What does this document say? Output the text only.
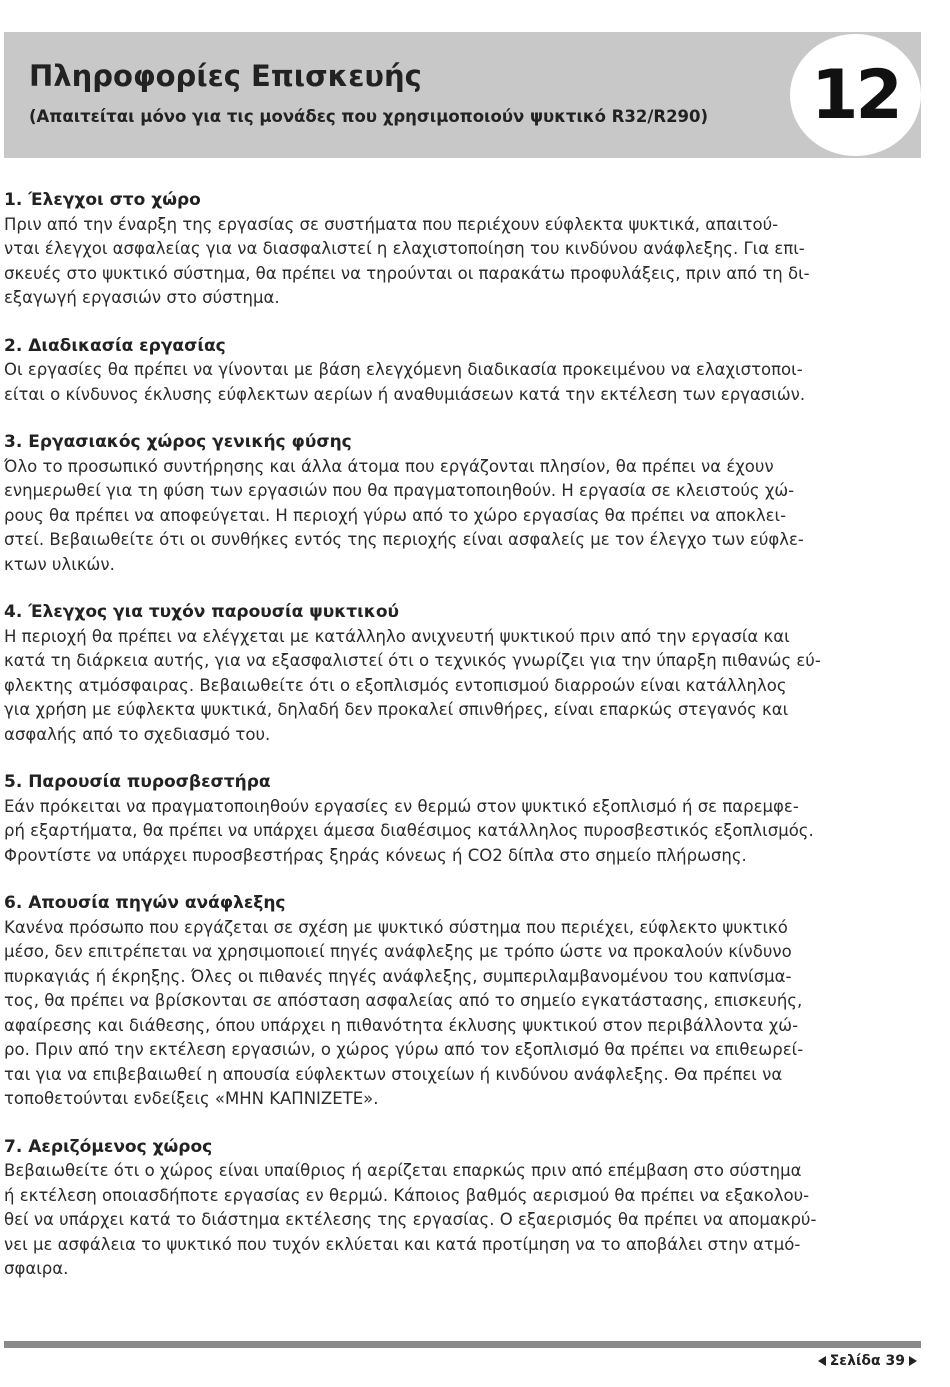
Πληροφορίες Επισκευής

(Απαιτείται μόνο για τις μονάδες που χρησιμοποιούν ψυκτικό R32/R290)	12
1. Έλεγχοι στο χώρο

Πριν από την έναρξη της εργασίας σε συστήματα που περιέχουν εύφλεκτα ψυκτικά, απαιτού-
νται έλεγχοι ασφαλείας για να διασφαλιστεί η ελαχιστοποίηση του κινδύνου ανάφλεξης. Για επι-
σκευές στο ψυκτικό σύστημα, θα πρέπει να τηρούνται οι παρακάτω προφυλάξεις, πριν από τη δι-
εξαγωγή εργασιών στο σύστημα.

2. Διαδικασία εργασίας

Οι εργασίες θα πρέπει να γίνονται με βάση ελεγχόμενη διαδικασία προκειμένου να ελαχιστοποι-
είται ο κίνδυνος έκλυσης εύφλεκτων αερίων ή αναθυμιάσεων κατά την εκτέλεση των εργασιών.

3. Εργασιακός χώρος γενικής φύσης

Όλο το προσωπικό συντήρησης και άλλα άτομα που εργάζονται πλησίον, θα πρέπει να έχουν
ενημερωθεί για τη φύση των εργασιών που θα πραγματοποιηθούν. Η εργασία σε κλειστούς χώ-
ρους θα πρέπει να αποφεύγεται. Η περιοχή γύρω από το χώρο εργασίας θα πρέπει να αποκλει-
στεί. Βεβαιωθείτε ότι οι συνθήκες εντός της περιοχής είναι ασφαλείς με τον έλεγχο των εύφλε-
κτων υλικών.

4. Έλεγχος για τυχόν παρουσία ψυκτικού

Η περιοχή θα πρέπει να ελέγχεται με κατάλληλο ανιχνευτή ψυκτικού πριν από την εργασία και
κατά τη διάρκεια αυτής, για να εξασφαλιστεί ότι ο τεχνικός γνωρίζει για την ύπαρξη πιθανώς εύ-
φλεκτης ατμόσφαιρας. Βεβαιωθείτε ότι ο εξοπλισμός εντοπισμού διαρροών είναι κατάλληλος
για χρήση με εύφλεκτα ψυκτικά, δηλαδή δεν προκαλεί σπινθήρες, είναι επαρκώς στεγανός και
ασφαλής από το σχεδιασμό του.

5. Παρουσία πυροσβεστήρα

Εάν πρόκειται να πραγματοποιηθούν εργασίες εν θερμώ στον ψυκτικό εξοπλισμό ή σε παρεμφε-
ρή εξαρτήματα, θα πρέπει να υπάρχει άμεσα διαθέσιμος κατάλληλος πυροσβεστικός εξοπλισμός.
Φροντίστε να υπάρχει πυροσβεστήρας ξηράς κόνεως ή CO2 δίπλα στο σημείο πλήρωσης.

6. Απουσία πηγών ανάφλεξης

Κανένα πρόσωπο που εργάζεται σε σχέση με ψυκτικό σύστημα που περιέχει, εύφλεκτο ψυκτικό
μέσο, δεν επιτρέπεται να χρησιμοποιεί πηγές ανάφλεξης με τρόπο ώστε να προκαλούν κίνδυνο
πυρκαγιάς ή έκρηξης. Όλες οι πιθανές πηγές ανάφλεξης, συμπεριλαμβανομένου του καπνίσμα-
τος, θα πρέπει να βρίσκονται σε απόσταση ασφαλείας από το σημείο εγκατάστασης, επισκευής,
αφαίρεσης και διάθεσης, όπου υπάρχει η πιθανότητα έκλυσης ψυκτικού στον περιβάλλοντα χώ-
ρο. Πριν από την εκτέλεση εργασιών, ο χώρος γύρω από τον εξοπλισμό θα πρέπει να επιθεωρεί-
ται για να επιβεβαιωθεί η απουσία εύφλεκτων στοιχείων ή κινδύνου ανάφλεξης. Θα πρέπει να
τοποθετούνται ενδείξεις «ΜΗΝ ΚΑΠΝΙΖΕΤΕ».

7. Αεριζόμενος χώρος

Βεβαιωθείτε ότι ο χώρος είναι υπαίθριος ή αερίζεται επαρκώς πριν από επέμβαση στο σύστημα
ή εκτέλεση οποιασδήποτε εργασίας εν θερμώ. Κάποιος βαθμός αερισμού θα πρέπει να εξακολου-
θεί να υπάρχει κατά το διάστημα εκτέλεσης της εργασίας. Ο εξαερισμός θα πρέπει να απομακρύ-
νει με ασφάλεια το ψυκτικό που τυχόν εκλύεται και κατά προτίμηση να το αποβάλει στην ατμό-
σφαιρα.

Σελίδα 39
